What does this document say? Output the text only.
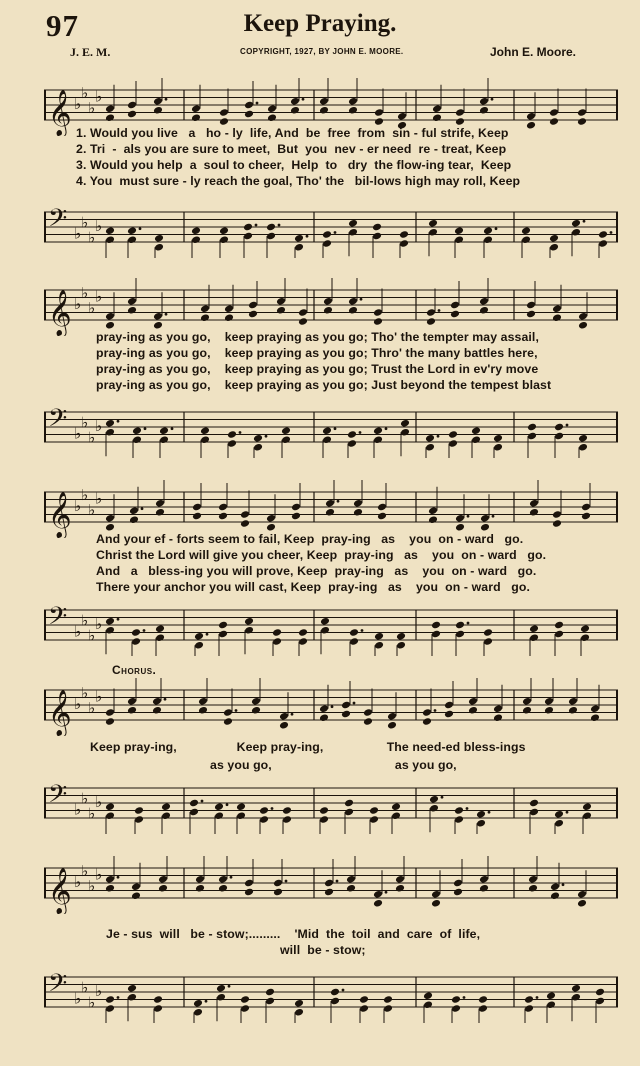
97	Keep Praying.
J. E. M.	COPYRIGHT, 1927, BY JOHN E. MOORE.	John E. Moore.
𝄞 ♭
♭
♭
♭
1. Would you live   a   ho - ly  life, And  be  free  from  sin - ful strife, Keep
2. Tri  -  als you are sure to meet,  But  you  nev - er need  re - treat, Keep
3. Would you help  a  soul to cheer,  Help  to   dry  the flow-ing tear,  Keep
4. You  must sure - ly reach the goal, Tho' the   bil-lows high may roll, Keep
𝄢 ♭
♭
♭
♭
𝄞 ♭
♭
♭
♭
pray-ing as you go,    keep praying as you go; Tho' the tempter may assail,
pray-ing as you go,    keep praying as you go; Thro' the many battles here,
pray-ing as you go,    keep praying as you go; Trust the Lord in ev'ry move
pray-ing as you go,    keep praying as you go; Just beyond the tempest blast
𝄢 ♭
♭
♭
♭
𝄞 ♭
♭
♭
♭
And your ef - forts seem to fail, Keep  pray-ing   as    you  on - ward   go.
Christ the Lord will give you cheer, Keep  pray-ing   as    you  on - ward   go.
And   a   bless-ing you will prove, Keep  pray-ing   as    you  on - ward   go.
There your anchor you will cast, Keep  pray-ing   as    you  on - ward   go.
𝄢 ♭
♭
♭
♭
Chorus.
𝄞 ♭
♭
♭
♭
Keep pray-ing,                 Keep pray-ing,                  The need-ed bless-ings
as you go,                                   as you go,
𝄢 ♭
♭
♭
♭
𝄞 ♭
♭
♭
♭
Je - sus  will   be - stow;.........    'Mid  the  toil  and  care  of  life,
will  be - stow;
𝄢 ♭
♭
♭
♭
